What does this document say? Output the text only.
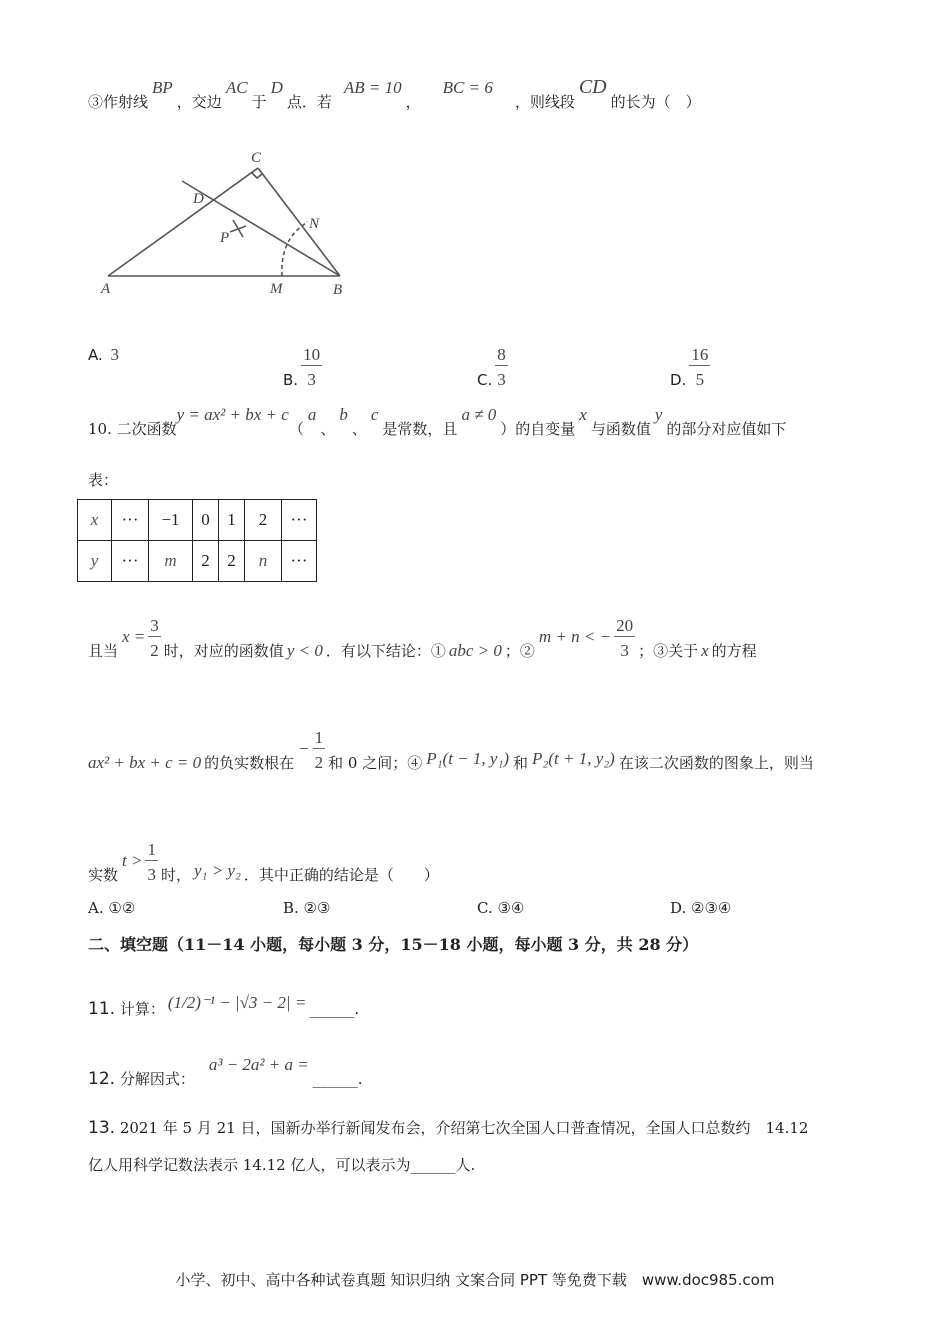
③作射线BP，交边AC于D点．若AB = 10，BC = 6，则线段CD的长为（　）
A	B
C
D
P
N
M
A. 3
B. $\frac{10}{3}$	C. $\frac{8}{3}$	D. $\frac{16}{5}$
10. 二次函数y = ax² + bx + c（a、b、c是常数，且a ≠ 0）的自变量x与函数值y的部分对应值如下
表：
x	···	−1	0	1	2	···
y	···	m	2	2	n	···
且当$x = \frac{3}{2}$ 时，对应的函数值 y < 0 ．有以下结论：① abc > 0 ；②m + n < − $\frac{20}{3}$ ；③关于 x 的方程
ax² + bx + c = 0 的负实数根在− $\frac{1}{2}$ 和 0 之间；④ P₁(t − 1, y₁) 和 P₂(t + 1, y₂) 在该二次函数的图象上，则当
实数$t > \frac{1}{3}$ 时， y₁ > y₂ ．其中正确的结论是（　　）
A. ①②	B. ②③	C. ③④	D. ②③④
二、填空题（11－14 小题，每小题 3 分，15－18 小题，每小题 3 分，共 28 分）
11. 计算： (1/2)⁻¹ − |√3 − 2| = ______.
12. 分解因式：a³ − 2a² + a =______.
13. 2021 年 5 月 21 日，国新办举行新闻发布会，介绍第七次全国人口普查情况，全国人口总数约　14.12
亿人用科学记数法表示 14.12 亿人，可以表示为______人.
小学、初中、高中各种试卷真题 知识归纳 文案合同 PPT 等免费下载　www.doc985.com
